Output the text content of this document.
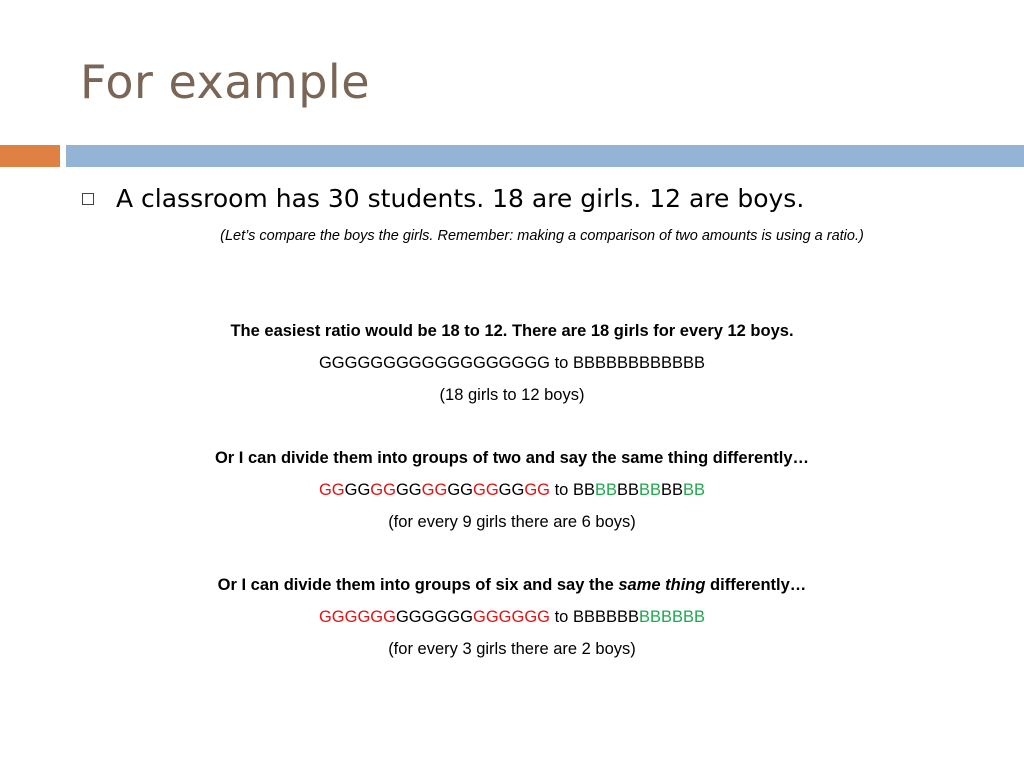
For example
A classroom has 30 students. 18 are girls. 12 are boys.
(Let’s compare the boys the girls. Remember: making a comparison of two amounts is using a ratio.)
The easiest ratio would be 18 to 12. There are 18 girls for every 12 boys.
GGGGGGGGGGGGGGGGGG to BBBBBBBBBBBB
(18 girls to 12 boys)
Or I can divide them into groups of two and say the same thing differently…
GGGGGGGGGGGGGGGGGG to BBBBBBBBBBBB
(for every 9 girls there are 6 boys)
Or I can divide them into groups of six and say the same thing differently…
GGGGGGGGGGGGGGGGGG to BBBBBBBBBBBB
(for every 3 girls there are 2 boys)
